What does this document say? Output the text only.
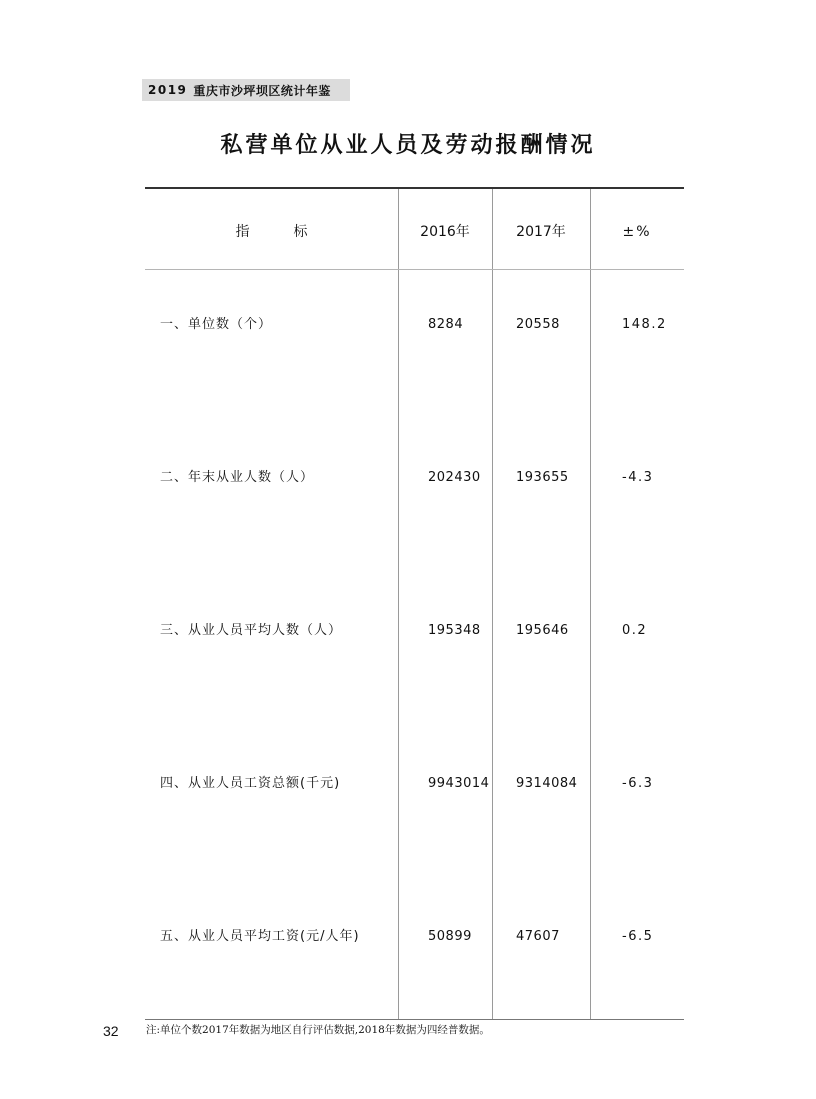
2019 重庆市沙坪坝区统计年鉴
私营单位从业人员及劳动报酬情况
指标	2016年	2017年	±%
一、单位数（个）	8284	20558	148.2
二、年末从业人数（人）	202430	193655	-4.3
三、从业人员平均人数（人）	195348	195646	0.2
四、从业人员工资总额(千元)	9943014 9314084	-6.3
五、从业人员平均工资(元/人年)	50899	47607	-6.5
32	注:单位个数2017年数据为地区自行评估数据,2018年数据为四经普数据。
